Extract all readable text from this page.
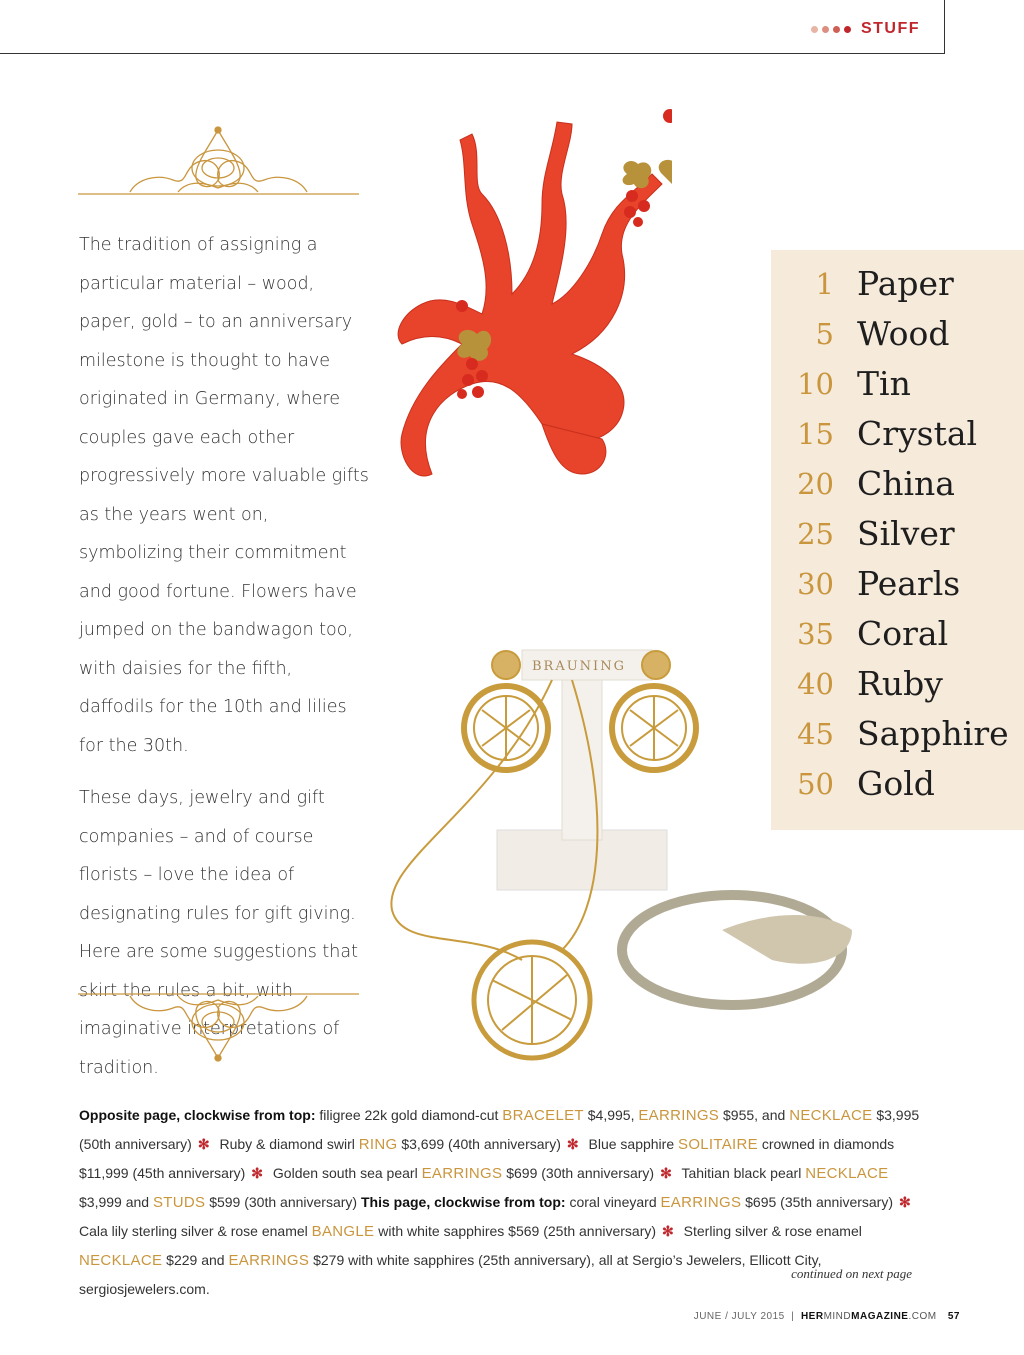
STUFF

The tradition of assigning a particular material – wood, paper, gold – to an anniversary milestone is thought to have originated in Germany, where couples gave each other progressively more valuable gifts as the years went on, symbolizing their commitment and good fortune. Flowers have jumped on the bandwagon too, with daisies for the fifth, daffodils for the 10th and lilies for the 30th.

These days, jewelry and gift companies – and of course florists – love the idea of designating rules for gift giving. Here are some suggestions that skirt the rules a bit, with imaginative interpretations of tradition.

BRAUNING
1 Paper
5 Wood
10 Tin
15 Crystal
20 China
25 Silver
30 Pearls
35 Coral
40 Ruby
45 Sapphire
50 Gold
Opposite page, clockwise from top: filigree 22k gold diamond-cut BRACELET $4,995, EARRINGS $955, and NECKLACE $3,995 (50th anniversary) ✻ Ruby & diamond swirl RING $3,699 (40th anniversary) ✻ Blue sapphire SOLITAIRE crowned in diamonds $11,999 (45th anniversary) ✻ Golden south sea pearl EARRINGS $699 (30th anniversary) ✻ Tahitian black pearl NECKLACE $3,999 and STUDS $599 (30th anniversary) This page, clockwise from top: coral vineyard EARRINGS $695 (35th anniversary) ✻ Cala lily sterling silver & rose enamel BANGLE with white sapphires $569 (25th anniversary) ✻ Sterling silver & rose enamel NECKLACE $229 and EARRINGS $279 with white sapphires (25th anniversary), all at Sergio’s Jewelers, Ellicott City, sergiosjewelers.com.
continued on next page
JUNE / JULY 2015 | HERMINDMAGAZINE.COM 57
